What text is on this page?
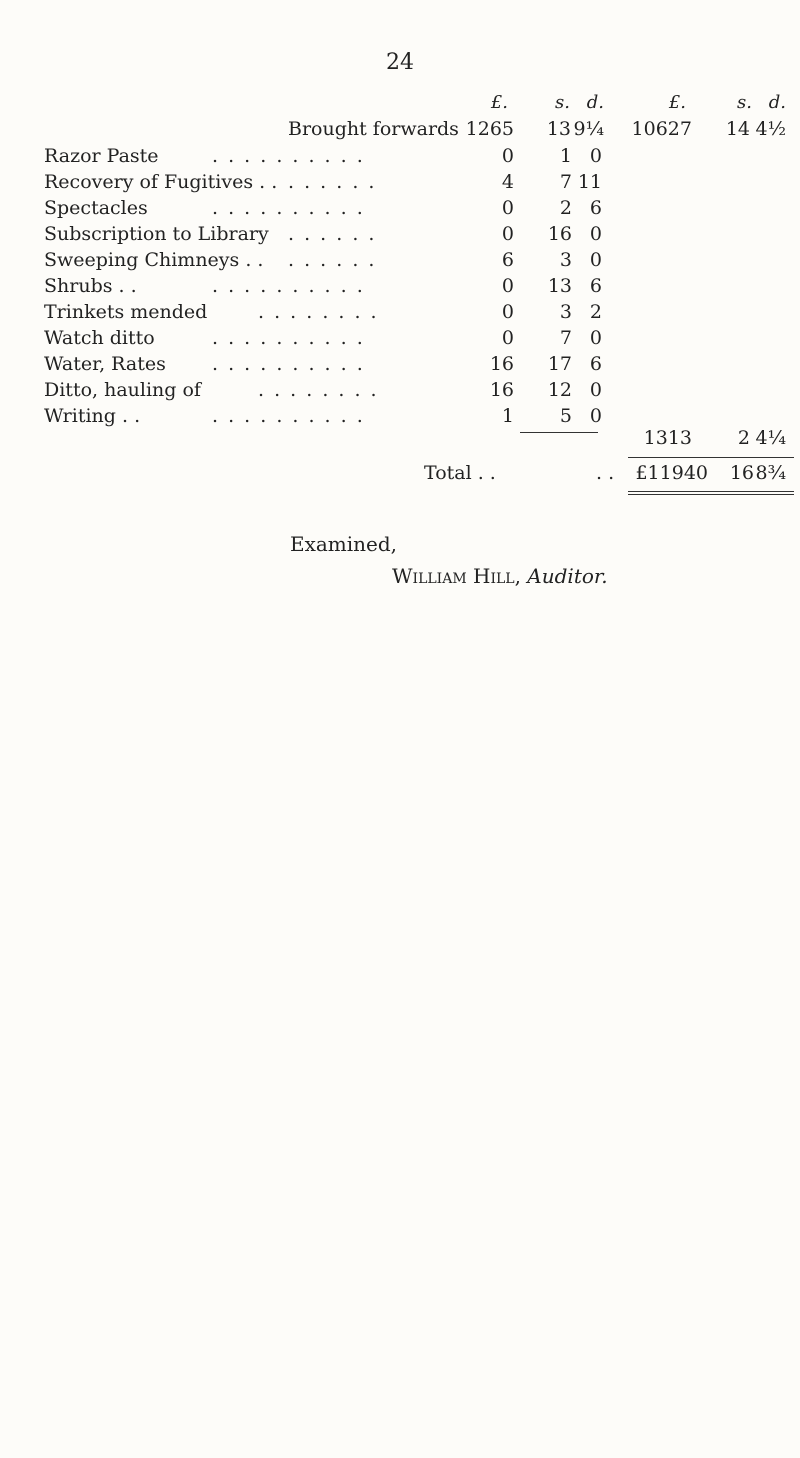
24
£.	s. d.	£.	s. d.
Brought forwards 1265 13 9¼ 10627 14 4½
Razor Paste	. . . . . . . . . .	0 1 0
Recovery of Fugitives . . . . . . . .	4 7 11
Spectacles	. . . . . . . . . .	0 2 6
Subscription to Library . . . . . .	0 16 0
Sweeping Chimneys . . . . . . . .	6 3 0
Shrubs . .	. . . . . . . . . .	0 13 6
Trinkets mended	. . . . . . . .	0 3 2
Watch ditto	. . . . . . . . . .	0 7 0
Water, Rates . . . . . . . . . .	16 17 6
Ditto, hauling of	. . . . . . . .	16 12 0
Writing . .	. . . . . . . . . .	1 5 0
1313 2 4¼
Total . .	. . £11940 16 8¾
Examined,
William Hill, Auditor.
